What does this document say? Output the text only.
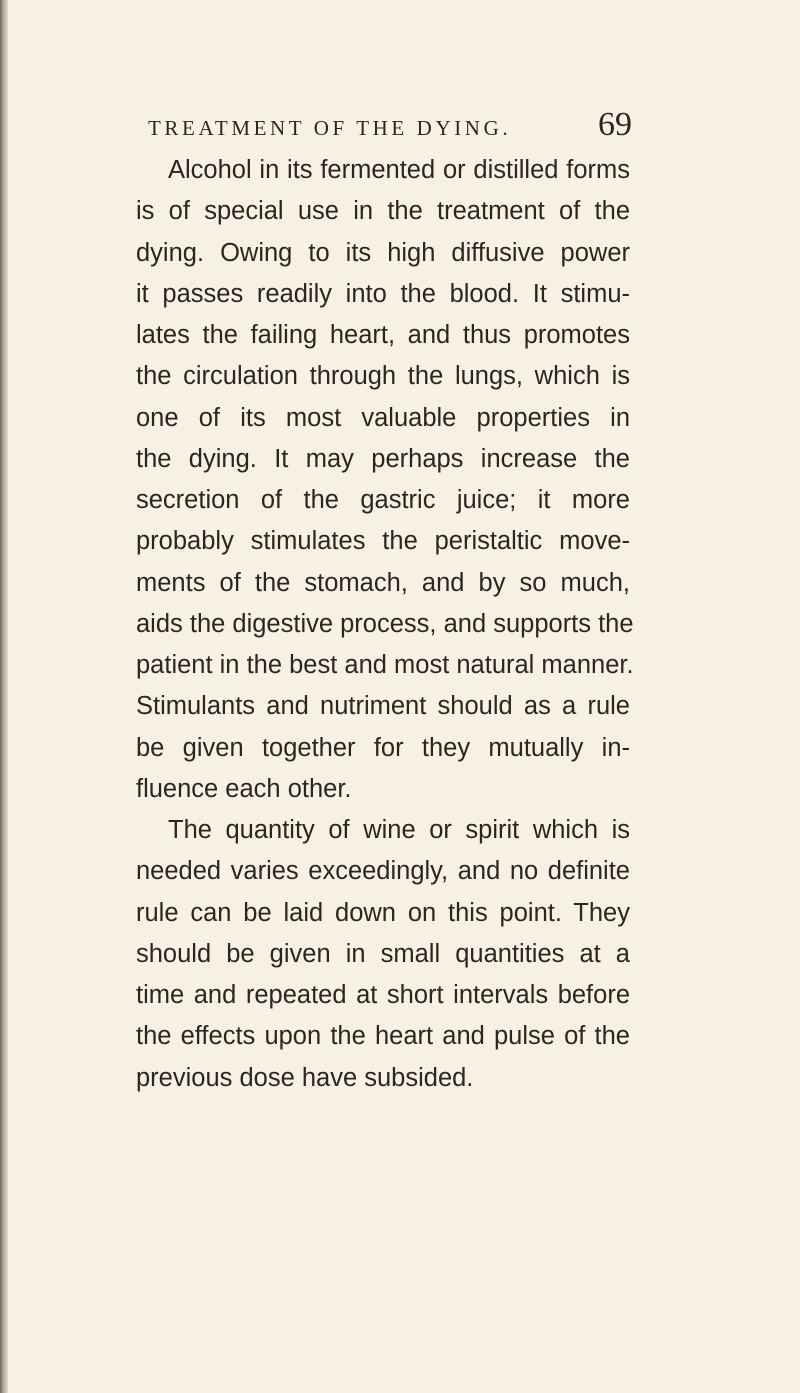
TREATMENT OF THE DYING.	69
Alcohol in its fermented or distilled forms
is of special use in the treatment of the
dying. Owing to its high diffusive power
it passes readily into the blood. It stimu-
lates the failing heart, and thus promotes
the circulation through the lungs, which is
one of its most valuable properties in
the dying. It may perhaps increase the
secretion of the gastric juice; it more
probably stimulates the peristaltic move-
ments of the stomach, and by so much,
aids the digestive process, and supports the
patient in the best and most natural manner.
Stimulants and nutriment should as a rule
be given together for they mutually in-
fluence each other.
The quantity of wine or spirit which is
needed varies exceedingly, and no definite
rule can be laid down on this point. They
should be given in small quantities at a
time and repeated at short intervals before
the effects upon the heart and pulse of the
previous dose have subsided.
